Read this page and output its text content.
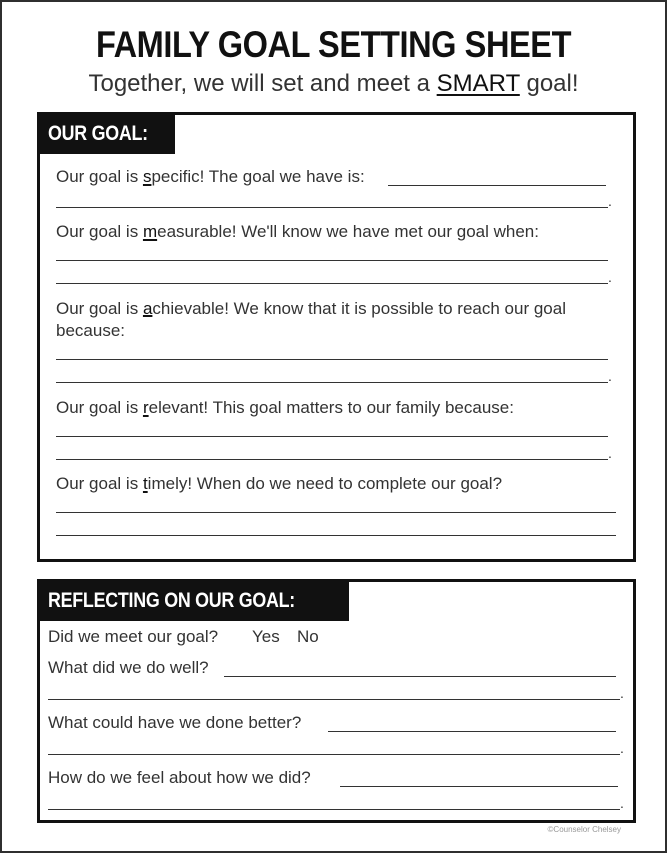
FAMILY GOAL SETTING SHEET
Together, we will set and meet a SMART goal!
OUR GOAL:
Our goal is specific! The goal we have is:
.
Our goal is measurable! We'll know we have met our goal when:
.
Our goal is achievable! We know that it is possible to reach our goal
because:
.
Our goal is relevant! This goal matters to our family because:
.
Our goal is timely! When do we need to complete our goal?
REFLECTING ON OUR GOAL:
Did we meet our goal? Yes No
What did we do well?
.
What could have we done better?
.
How do we feel about how we did?
.
©Counselor Chelsey
